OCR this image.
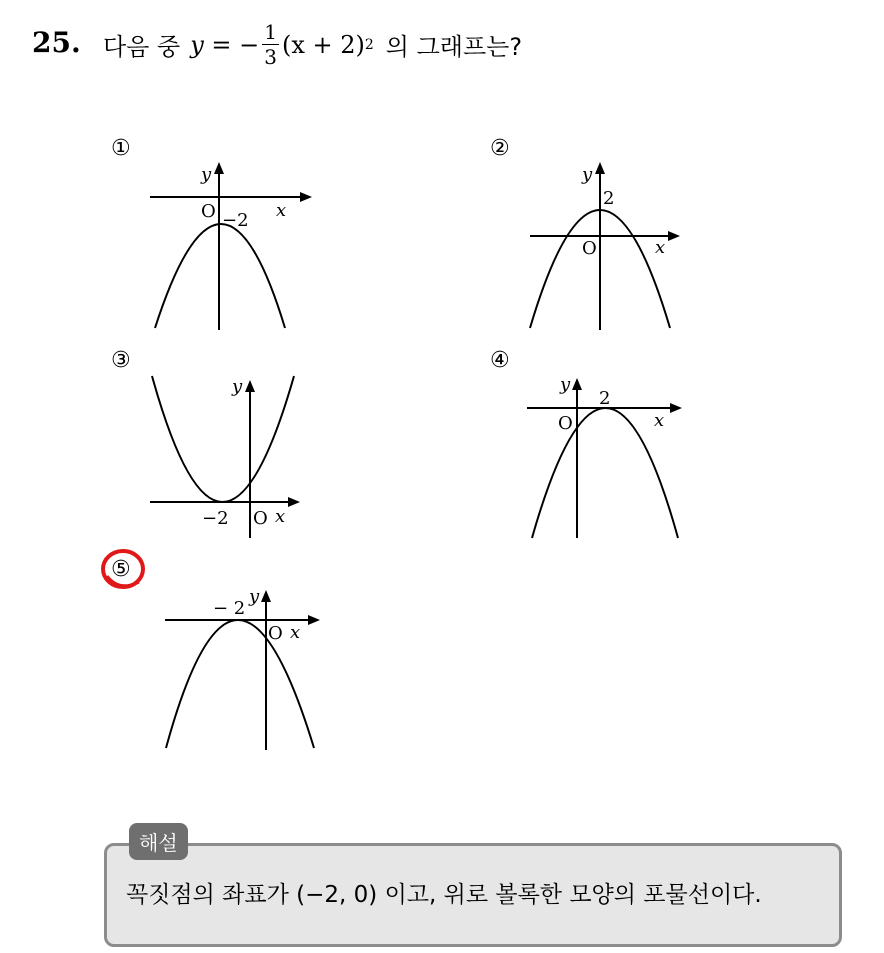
25. 다음 중 y = − $\frac{1}{3} (x + 2)$ 2 의 그래프는?
①
y
x
O −2
②
y
x
O
2
③
y
x
O
−2
④
y
x
O
2
⑤
y
x
O
− 2
해설
꼭짓점의 좌표가 (−2, 0) 이고, 위로 볼록한 모양의 포물선이다.
